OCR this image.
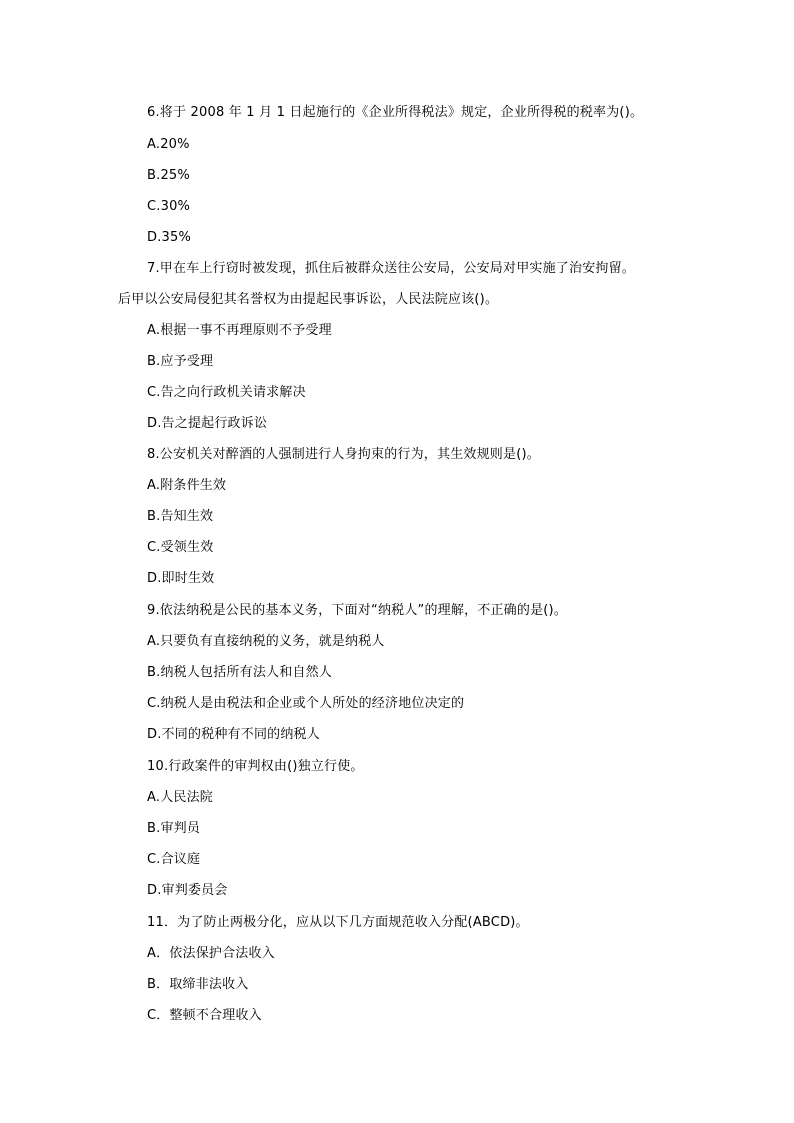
6.将于 2008 年 1 月 1 日起施行的《企业所得税法》规定，企业所得税的税率为()。
A.20%
B.25%
C.30%
D.35%
7.甲在车上行窃时被发现，抓住后被群众送往公安局，公安局对甲实施了治安拘留。
后甲以公安局侵犯其名誉权为由提起民事诉讼，人民法院应该()。
A.根据一事不再理原则不予受理
B.应予受理
C.告之向行政机关请求解决
D.告之提起行政诉讼
8.公安机关对醉酒的人强制进行人身拘束的行为，其生效规则是()。
A.附条件生效
B.告知生效
C.受领生效
D.即时生效
9.依法纳税是公民的基本义务，下面对“纳税人”的理解，不正确的是()。
A.只要负有直接纳税的义务，就是纳税人
B.纳税人包括所有法人和自然人
C.纳税人是由税法和企业或个人所处的经济地位决定的
D.不同的税种有不同的纳税人
10.行政案件的审判权由()独立行使。
A.人民法院
B.审判员
C.合议庭
D.审判委员会
11．为了防止两极分化，应从以下几方面规范收入分配(ABCD)。
A．依法保护合法收入
B．取缔非法收入
C．整顿不合理收入
